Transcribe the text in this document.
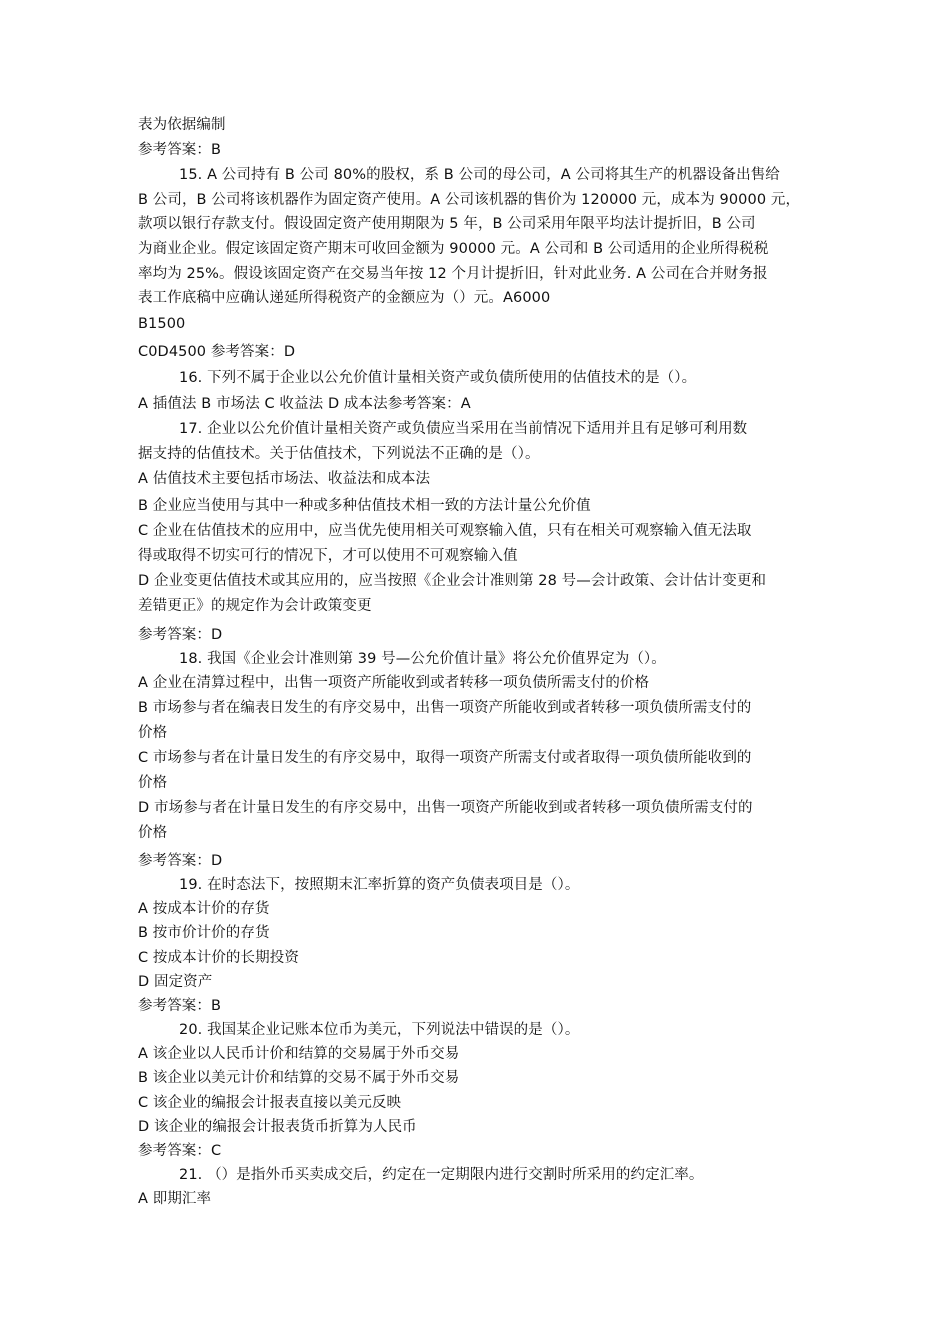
表为依据编制
参考答案：B
15. A 公司持有 B 公司 80%的股权，系 B 公司的母公司，A 公司将其生产的机器设备出售给
B 公司，B 公司将该机器作为固定资产使用。A 公司该机器的售价为 120000 元，成本为 90000 元，
款项以银行存款支付。假设固定资产使用期限为 5 年，B 公司采用年限平均法计提折旧，B 公司
为商业企业。假定该固定资产期末可收回金额为 90000 元。A 公司和 B 公司适用的企业所得税税
率均为 25%。假设该固定资产在交易当年按 12 个月计提折旧，针对此业务. A 公司在合并财务报
表工作底稿中应确认递延所得税资产的金额应为（）元。A6000
B1500
C0D4500 参考答案：D
16. 下列不属于企业以公允价值计量相关资产或负债所使用的估值技术的是（）。
A 插值法 B 市场法 C 收益法 D 成本法参考答案：A
17. 企业以公允价值计量相关资产或负债应当采用在当前情况下适用并且有足够可利用数
据支持的估值技术。关于估值技术，下列说法不正确的是（）。
A 估值技术主要包括市场法、收益法和成本法
B 企业应当使用与其中一种或多种估值技术相一致的方法计量公允价值
C 企业在估值技术的应用中，应当优先使用相关可观察输入值，只有在相关可观察输入值无法取
得或取得不切实可行的情况下，才可以使用不可观察输入值
D 企业变更估值技术或其应用的，应当按照《企业会计准则第 28 号—会计政策、会计估计变更和
差错更正》的规定作为会计政策变更
参考答案：D
18. 我国《企业会计准则第 39 号—公允价值计量》将公允价值界定为（）。
A 企业在清算过程中，出售一项资产所能收到或者转移一项负债所需支付的价格
B 市场参与者在编表日发生的有序交易中，出售一项资产所能收到或者转移一项负债所需支付的
价格
C 市场参与者在计量日发生的有序交易中，取得一项资产所需支付或者取得一项负债所能收到的
价格
D 市场参与者在计量日发生的有序交易中，出售一项资产所能收到或者转移一项负债所需支付的
价格
参考答案：D
19. 在时态法下，按照期末汇率折算的资产负债表项目是（）。
A 按成本计价的存货
B 按市价计价的存货
C 按成本计价的长期投资
D 固定资产
参考答案：B
20. 我国某企业记账本位币为美元，下列说法中错误的是（）。
A 该企业以人民币计价和结算的交易属于外币交易
B 该企业以美元计价和结算的交易不属于外币交易
C 该企业的编报会计报表直接以美元反映
D 该企业的编报会计报表货币折算为人民币
参考答案：C
21. （）是指外币买卖成交后，约定在一定期限内进行交割时所采用的约定汇率。
A 即期汇率
